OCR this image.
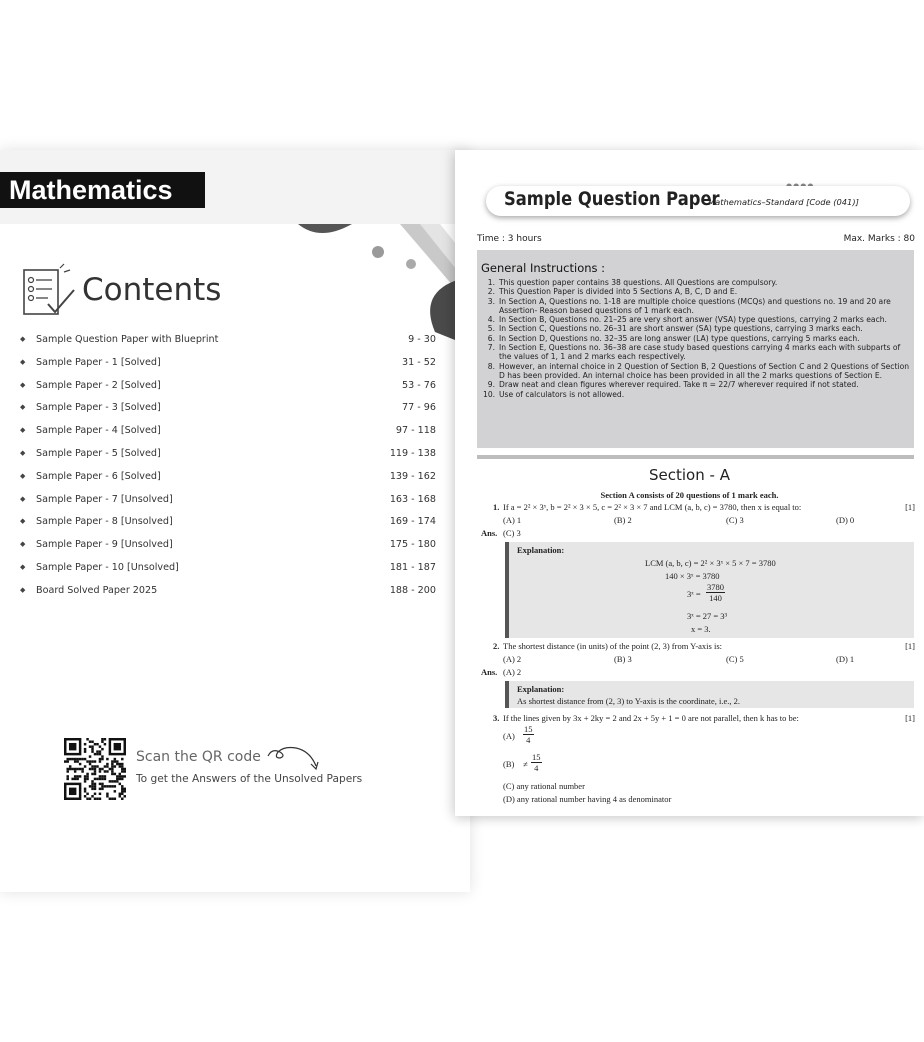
Mathematics
Contents
◆ Sample Question Paper with Blueprint	9 - 30
◆ Sample Paper - 1 [Solved]	31 - 52
◆ Sample Paper - 2 [Solved]	53 - 76
◆ Sample Paper - 3 [Solved]	77 - 96
◆ Sample Paper - 4 [Solved]	97 - 118
◆ Sample Paper - 5 [Solved]	119 - 138
◆ Sample Paper - 6 [Solved]	139 - 162
◆ Sample Paper - 7 [Unsolved]	163 - 168
◆ Sample Paper - 8 [Unsolved]	169 - 174
◆ Sample Paper - 9 [Unsolved]	175 - 180
◆ Sample Paper - 10 [Unsolved]	181 - 187
◆ Board Solved Paper 2025	188 - 200
Scan the QR code
To get the Answers of the Unsolved Papers
Sample Question Paper
Mathematics–Standard [Code (041)]
Time : 3 hours	Max. Marks : 80
General Instructions :
1. This question paper contains 38 questions. All Questions are compulsory.
2. This Question Paper is divided into 5 Sections A, B, C, D and E.
3. In Section A, Questions no. 1-18 are multiple choice questions (MCQs) and questions no. 19 and 20 are Assertion- Reason based questions of 1 mark each.
4. In Section B, Questions no. 21–25 are very short answer (VSA) type questions, carrying 2 marks each.
5. In Section C, Questions no. 26–31 are short answer (SA) type questions, carrying 3 marks each.
6. In Section D, Questions no. 32–35 are long answer (LA) type questions, carrying 5 marks each.
7. In Section E, Questions no. 36–38 are case study based questions carrying 4 marks each with subparts of the values of 1, 1 and 2 marks each respectively.
8. However, an internal choice in 2 Question of Section B, 2 Questions of Section C and 2 Questions of Section D has been provided. An internal choice has been provided in all the 2 marks questions of Section E.
9. Draw neat and clean figures wherever required. Take π = 22/7 wherever required if not stated.
10. Use of calculators is not allowed.
Section - A
Section A consists of 20 questions of 1 mark each.
1. If a = 2² × 3ˣ, b = 2² × 3 × 5, c = 2² × 3 × 7 and LCM (a, b, c) = 3780, then x is equal to:	[1]
(A) 1	(B) 2	(C) 3	(D) 0
Ans. (C) 3
Explanation:
LCM (a, b, c) = 2² × 3ˣ × 5 × 7 = 3780
140 × 3ˣ = 3780
3ˣ = $\frac{3780}{140}$
3ˣ = 27 = 3³
x = 3.
2. The shortest distance (in units) of the point (2, 3) from Y-axis is:	[1]
(A) 2	(B) 3	(C) 5	(D) 1
Ans. (A) 2
Explanation:
As shortest distance from (2, 3) to Y-axis is the coordinate, i.e., 2.
3. If the lines given by 3x + 2ky = 2 and 2x + 5y + 1 = 0 are not parallel, then k has to be:	[1]
$(A) \frac{15}{4}$
$(B) \ne \frac{15}{4}$
(C) any rational number
(D) any rational number having 4 as denominator
